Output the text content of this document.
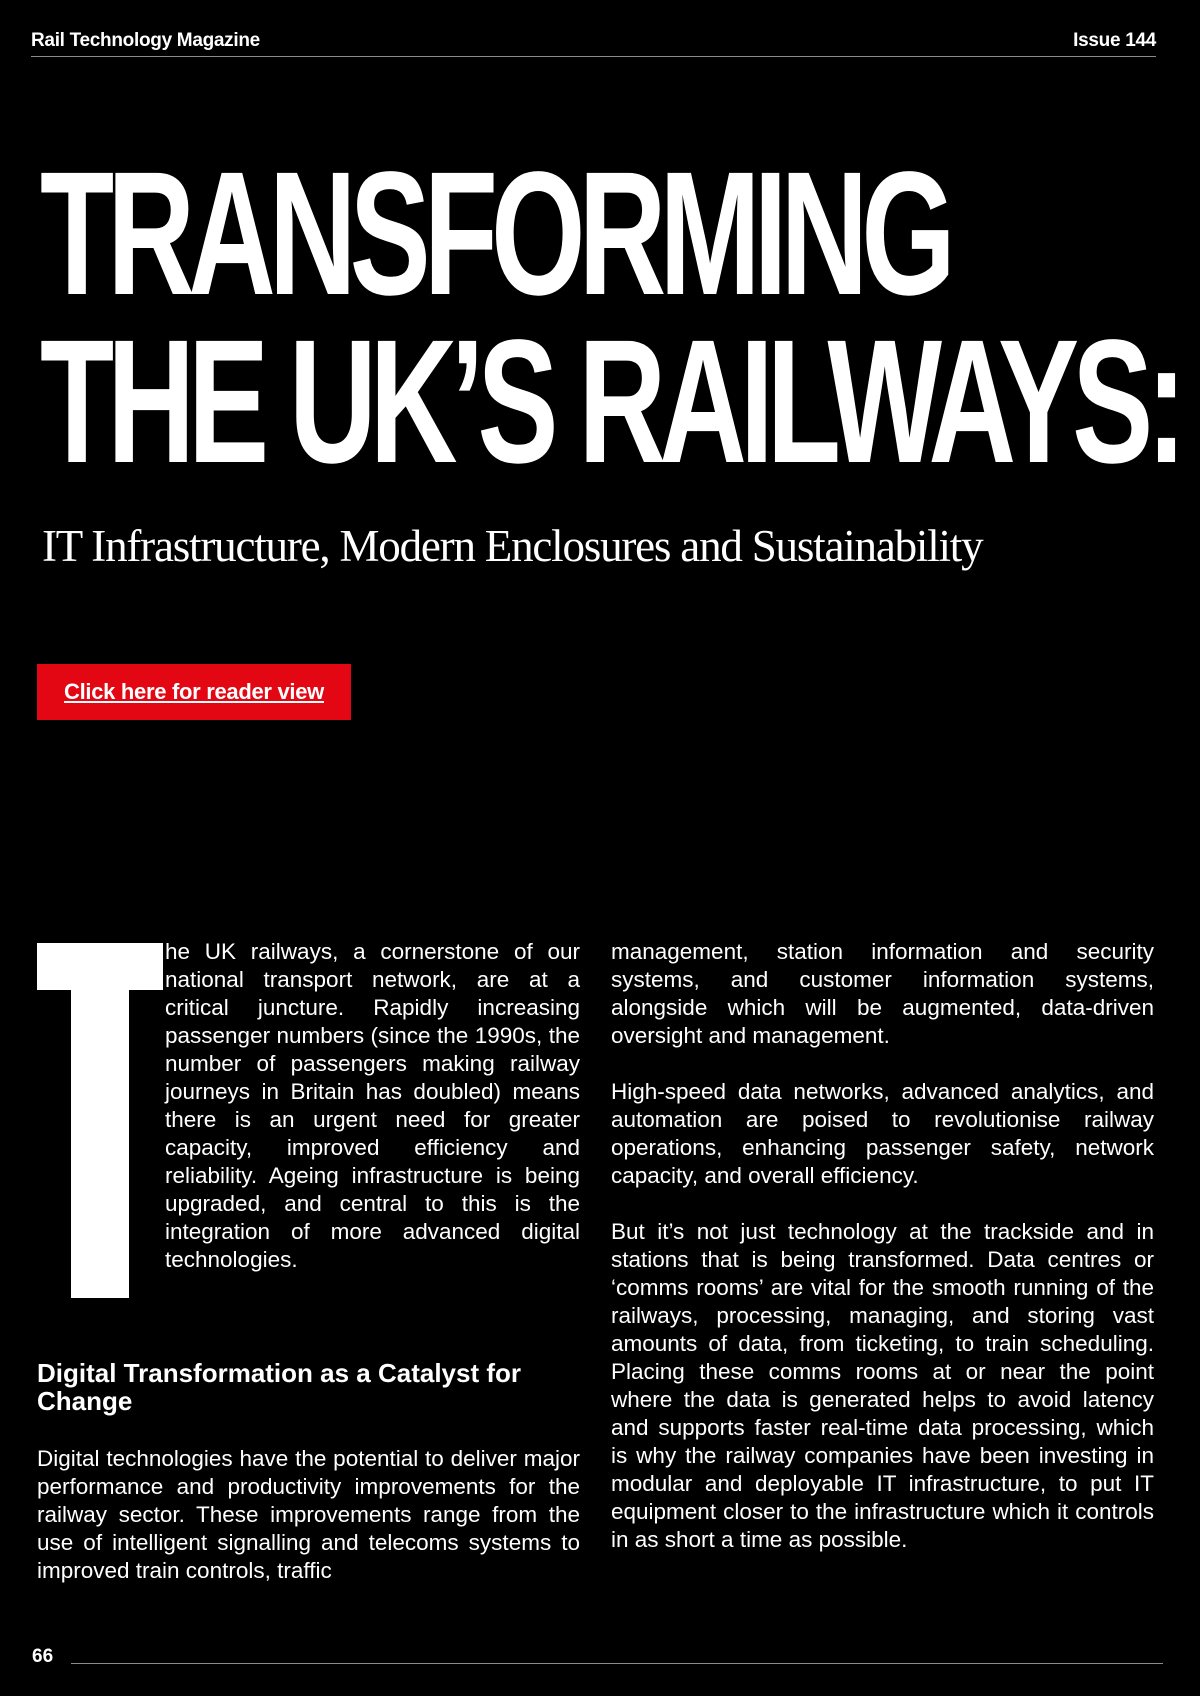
Rail Technology Magazine	Issue 144
TRANSFORMING
THE UK’S RAILWAYS:
IT Infrastructure, Modern Enclosures and Sustainability
Click here for reader view

he UK railways, a cornerstone of our national transport network, are at a critical juncture. Rapidly increasing passenger numbers (since the 1990s, the number of passengers making railway journeys in Britain has doubled) means there is an urgent need for greater capacity, improved efficiency and reliability. Ageing infrastructure is being upgraded, and central to this is the integration of more advanced digital technologies.

Digital Transformation as a Catalyst for Change

Digital technologies have the potential to deliver major performance and productivity improvements for the railway sector. These improvements range from the use of intelligent signalling and telecoms systems to improved train controls, traffic

management, station information and security systems, and customer information systems, alongside which will be augmented, data-driven oversight and management.

High-speed data networks, advanced analytics, and automation are poised to revolutionise railway operations, enhancing passenger safety, network capacity, and overall efficiency.

But it’s not just technology at the trackside and in stations that is being transformed. Data centres or ‘comms rooms’ are vital for the smooth running of the railways, processing, managing, and storing vast amounts of data, from ticketing, to train scheduling. Placing these comms rooms at or near the point where the data is generated helps to avoid latency and supports faster real-time data processing, which is why the railway companies have been investing in modular and deployable IT infrastructure, to put IT equipment closer to the infrastructure which it controls in as short a time as possible.

66
